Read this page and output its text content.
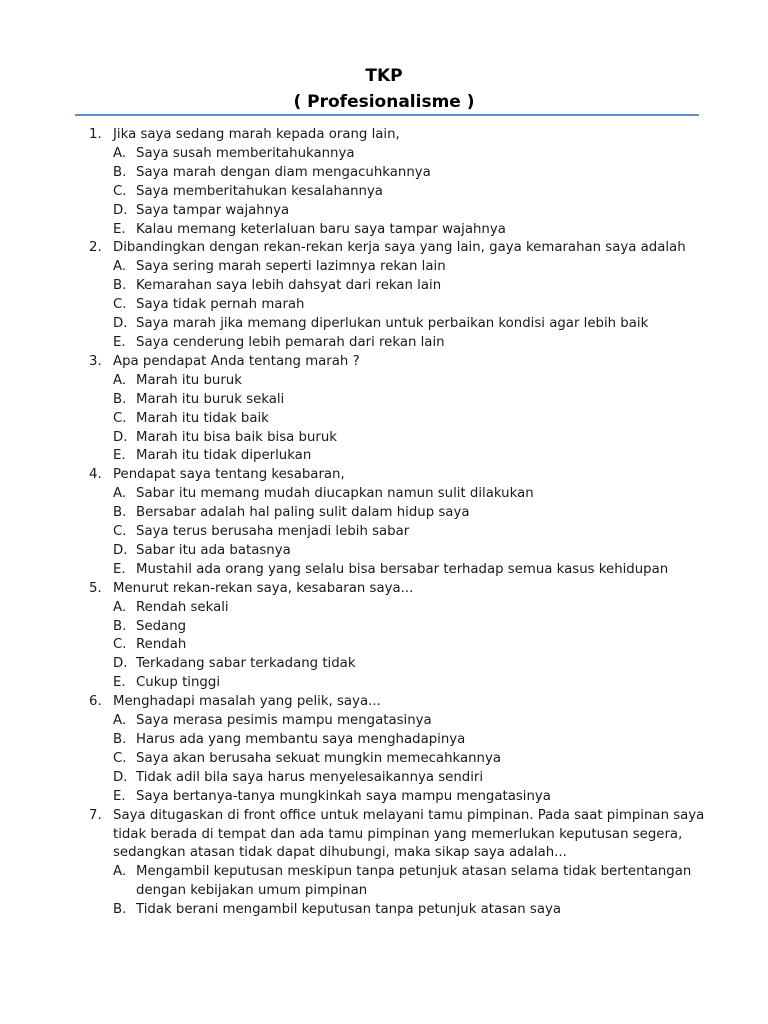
TKP
( Profesionalisme )
1. Jika saya sedang marah kepada orang lain,
A. Saya susah memberitahukannya
B. Saya marah dengan diam mengacuhkannya
C. Saya memberitahukan kesalahannya
D. Saya tampar wajahnya
E. Kalau memang keterlaluan baru saya tampar wajahnya
2. Dibandingkan dengan rekan-rekan kerja saya yang lain, gaya kemarahan saya adalah
A. Saya sering marah seperti lazimnya rekan lain
B. Kemarahan saya lebih dahsyat dari rekan lain
C. Saya tidak pernah marah
D. Saya marah jika memang diperlukan untuk perbaikan kondisi agar lebih baik
E. Saya cenderung lebih pemarah dari rekan lain
3. Apa pendapat Anda tentang marah ?
A. Marah itu buruk
B. Marah itu buruk sekali
C. Marah itu tidak baik
D. Marah itu bisa baik bisa buruk
E. Marah itu tidak diperlukan
4. Pendapat saya tentang kesabaran,
A. Sabar itu memang mudah diucapkan namun sulit dilakukan
B. Bersabar adalah hal paling sulit dalam hidup saya
C. Saya terus berusaha menjadi lebih sabar
D. Sabar itu ada batasnya
E. Mustahil ada orang yang selalu bisa bersabar terhadap semua kasus kehidupan
5. Menurut rekan-rekan saya, kesabaran saya...
A. Rendah sekali
B. Sedang
C. Rendah
D. Terkadang sabar terkadang tidak
E. Cukup tinggi
6. Menghadapi masalah yang pelik, saya...
A. Saya merasa pesimis mampu mengatasinya
B. Harus ada yang membantu saya menghadapinya
C. Saya akan berusaha sekuat mungkin memecahkannya
D. Tidak adil bila saya harus menyelesaikannya sendiri
E. Saya bertanya-tanya mungkinkah saya mampu mengatasinya
7. Saya ditugaskan di front office untuk melayani tamu pimpinan. Pada saat pimpinan saya tidak berada di tempat dan ada tamu pimpinan yang memerlukan keputusan segera, sedangkan atasan tidak dapat dihubungi, maka sikap saya adalah...
A. Mengambil keputusan meskipun tanpa petunjuk atasan selama tidak bertentangan dengan kebijakan umum pimpinan
B. Tidak berani mengambil keputusan tanpa petunjuk atasan saya
